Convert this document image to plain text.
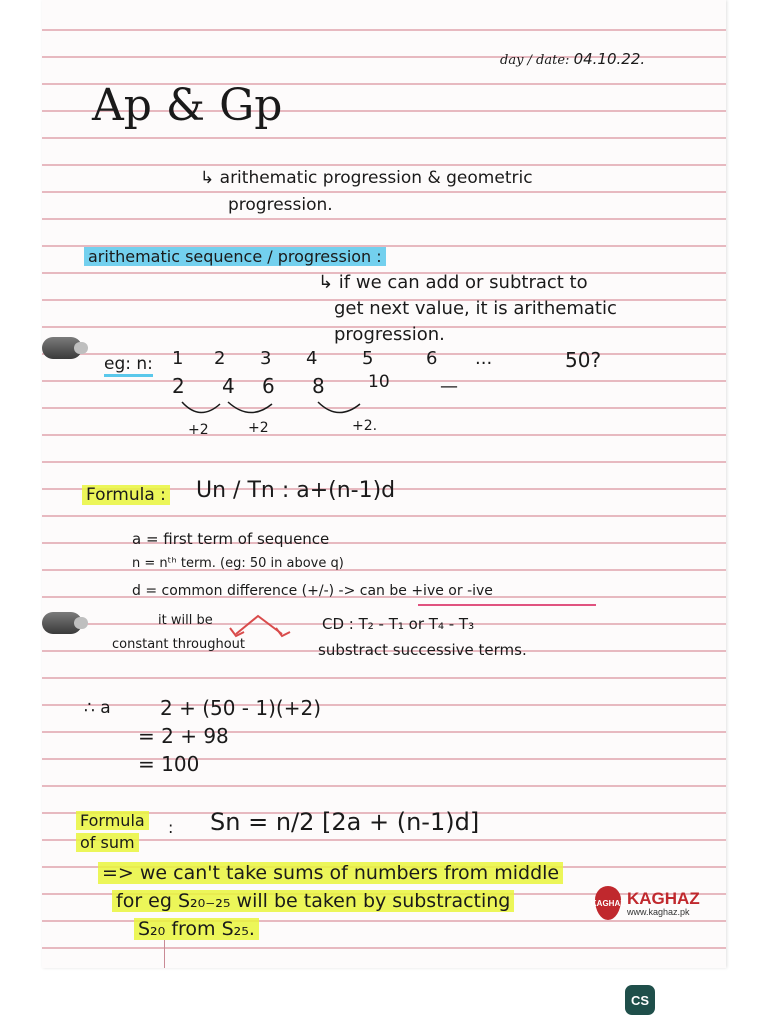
day / date: 04.10.22.
Ap & Gp
↳ arithematic progression & geometric
progression.
arithematic sequence / progression :
↳ if we can add or subtract to
get next value, it is arithematic
progression.
eg: n: 1 2 3 4 5	6 ...	50?
2 4 6 8	10	—
+2	+2	+2.
Formula : Un / Tn : a+(n-1)d
a = first term of sequence
n = nᵗʰ term. (eg: 50 in above q)
d = common difference (+/-) -> can be +ive or -ive
it will be
constant throughout
CD : T₂ - T₁ or T₄ - T₃
substract successive terms.
∴ a 2 + (50 - 1)(+2)
= 2 + 98
= 100
Formula
of sum
: Sn = n/2 [2a + (n-1)d]
=> we can't take sums of numbers from middle
for eg S₂₀₋₂₅ will be taken by substracting
S₂₀ from S₂₅.
KAGHAZ KAGHAZ
www.kaghaz.pk
CS
